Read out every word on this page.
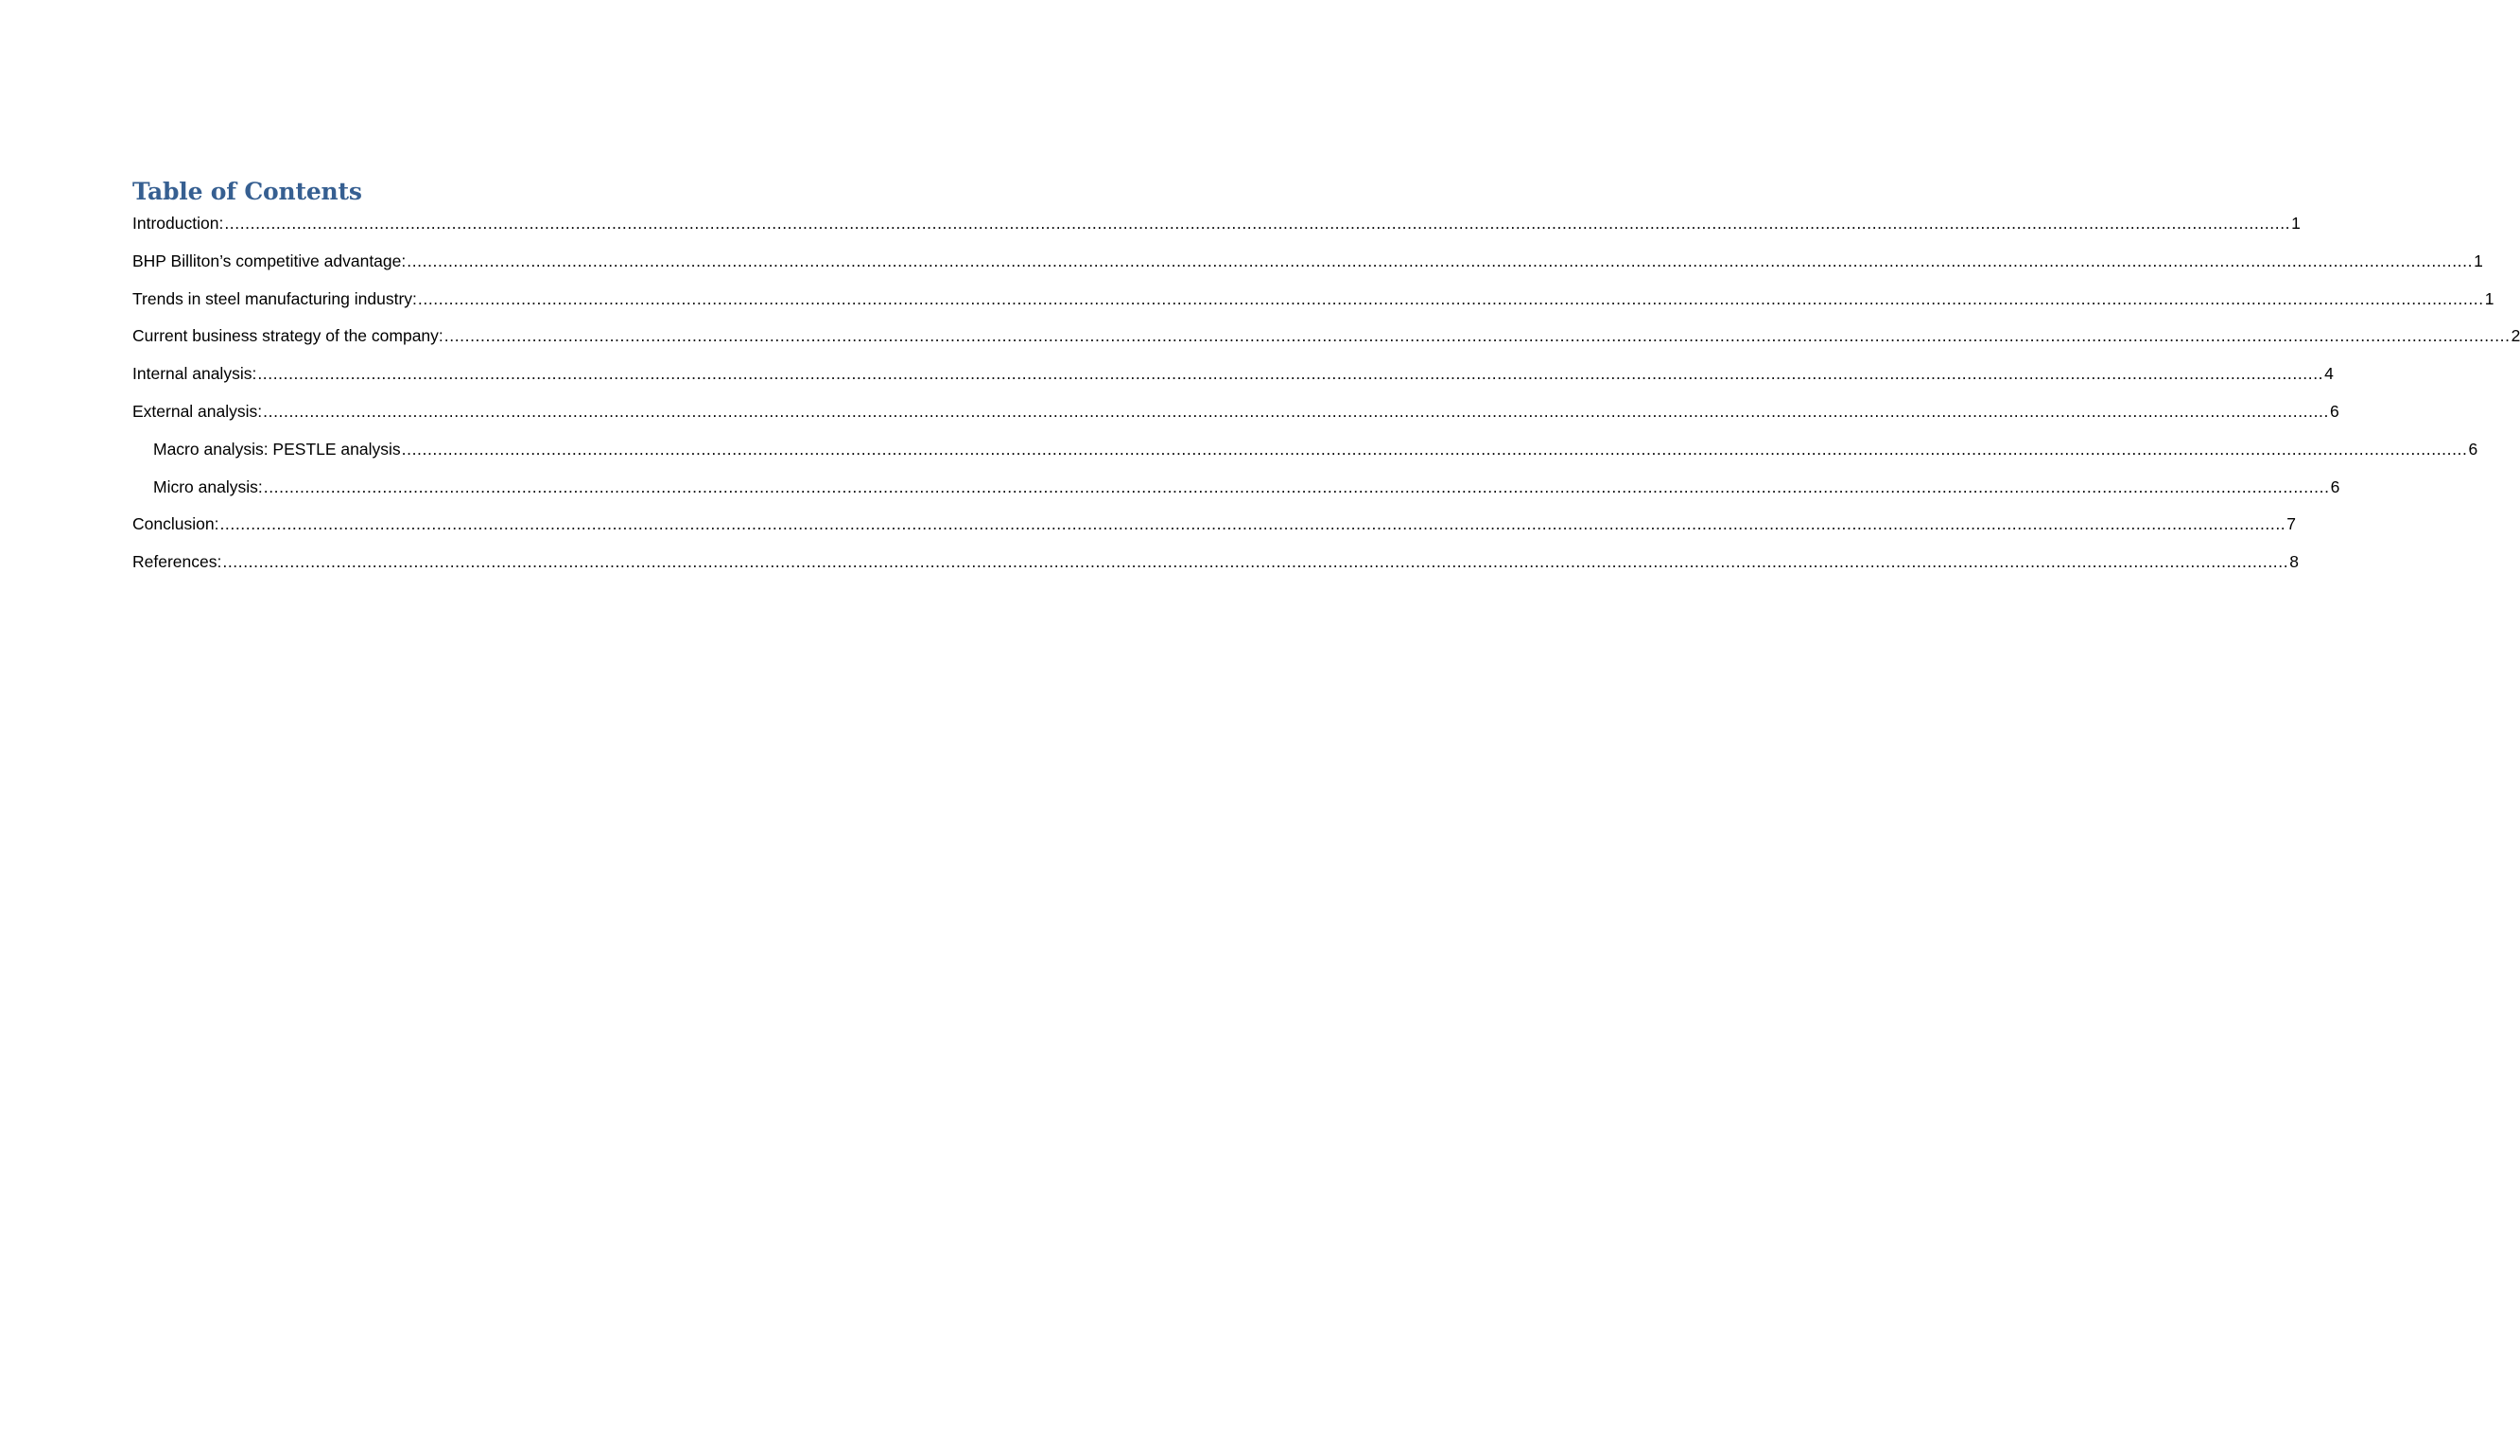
Table of Contents
Introduction: ................................................................................................................................................................................................................................................................................................................................................................................................................ 1
BHP Billiton’s competitive advantage: ................................................................................................................................................................................................................................................................................................................................................................................................................ 1
Trends in steel manufacturing industry: ................................................................................................................................................................................................................................................................................................................................................................................................................ 1
Current business strategy of the company: ................................................................................................................................................................................................................................................................................................................................................................................................................ 2
Internal analysis: ................................................................................................................................................................................................................................................................................................................................................................................................................ 4
External analysis: ................................................................................................................................................................................................................................................................................................................................................................................................................ 6
Macro analysis: PESTLE analysis ................................................................................................................................................................................................................................................................................................................................................................................................................ 6
Micro analysis: ................................................................................................................................................................................................................................................................................................................................................................................................................ 6
Conclusion: ................................................................................................................................................................................................................................................................................................................................................................................................................ 7
References: ................................................................................................................................................................................................................................................................................................................................................................................................................ 8
